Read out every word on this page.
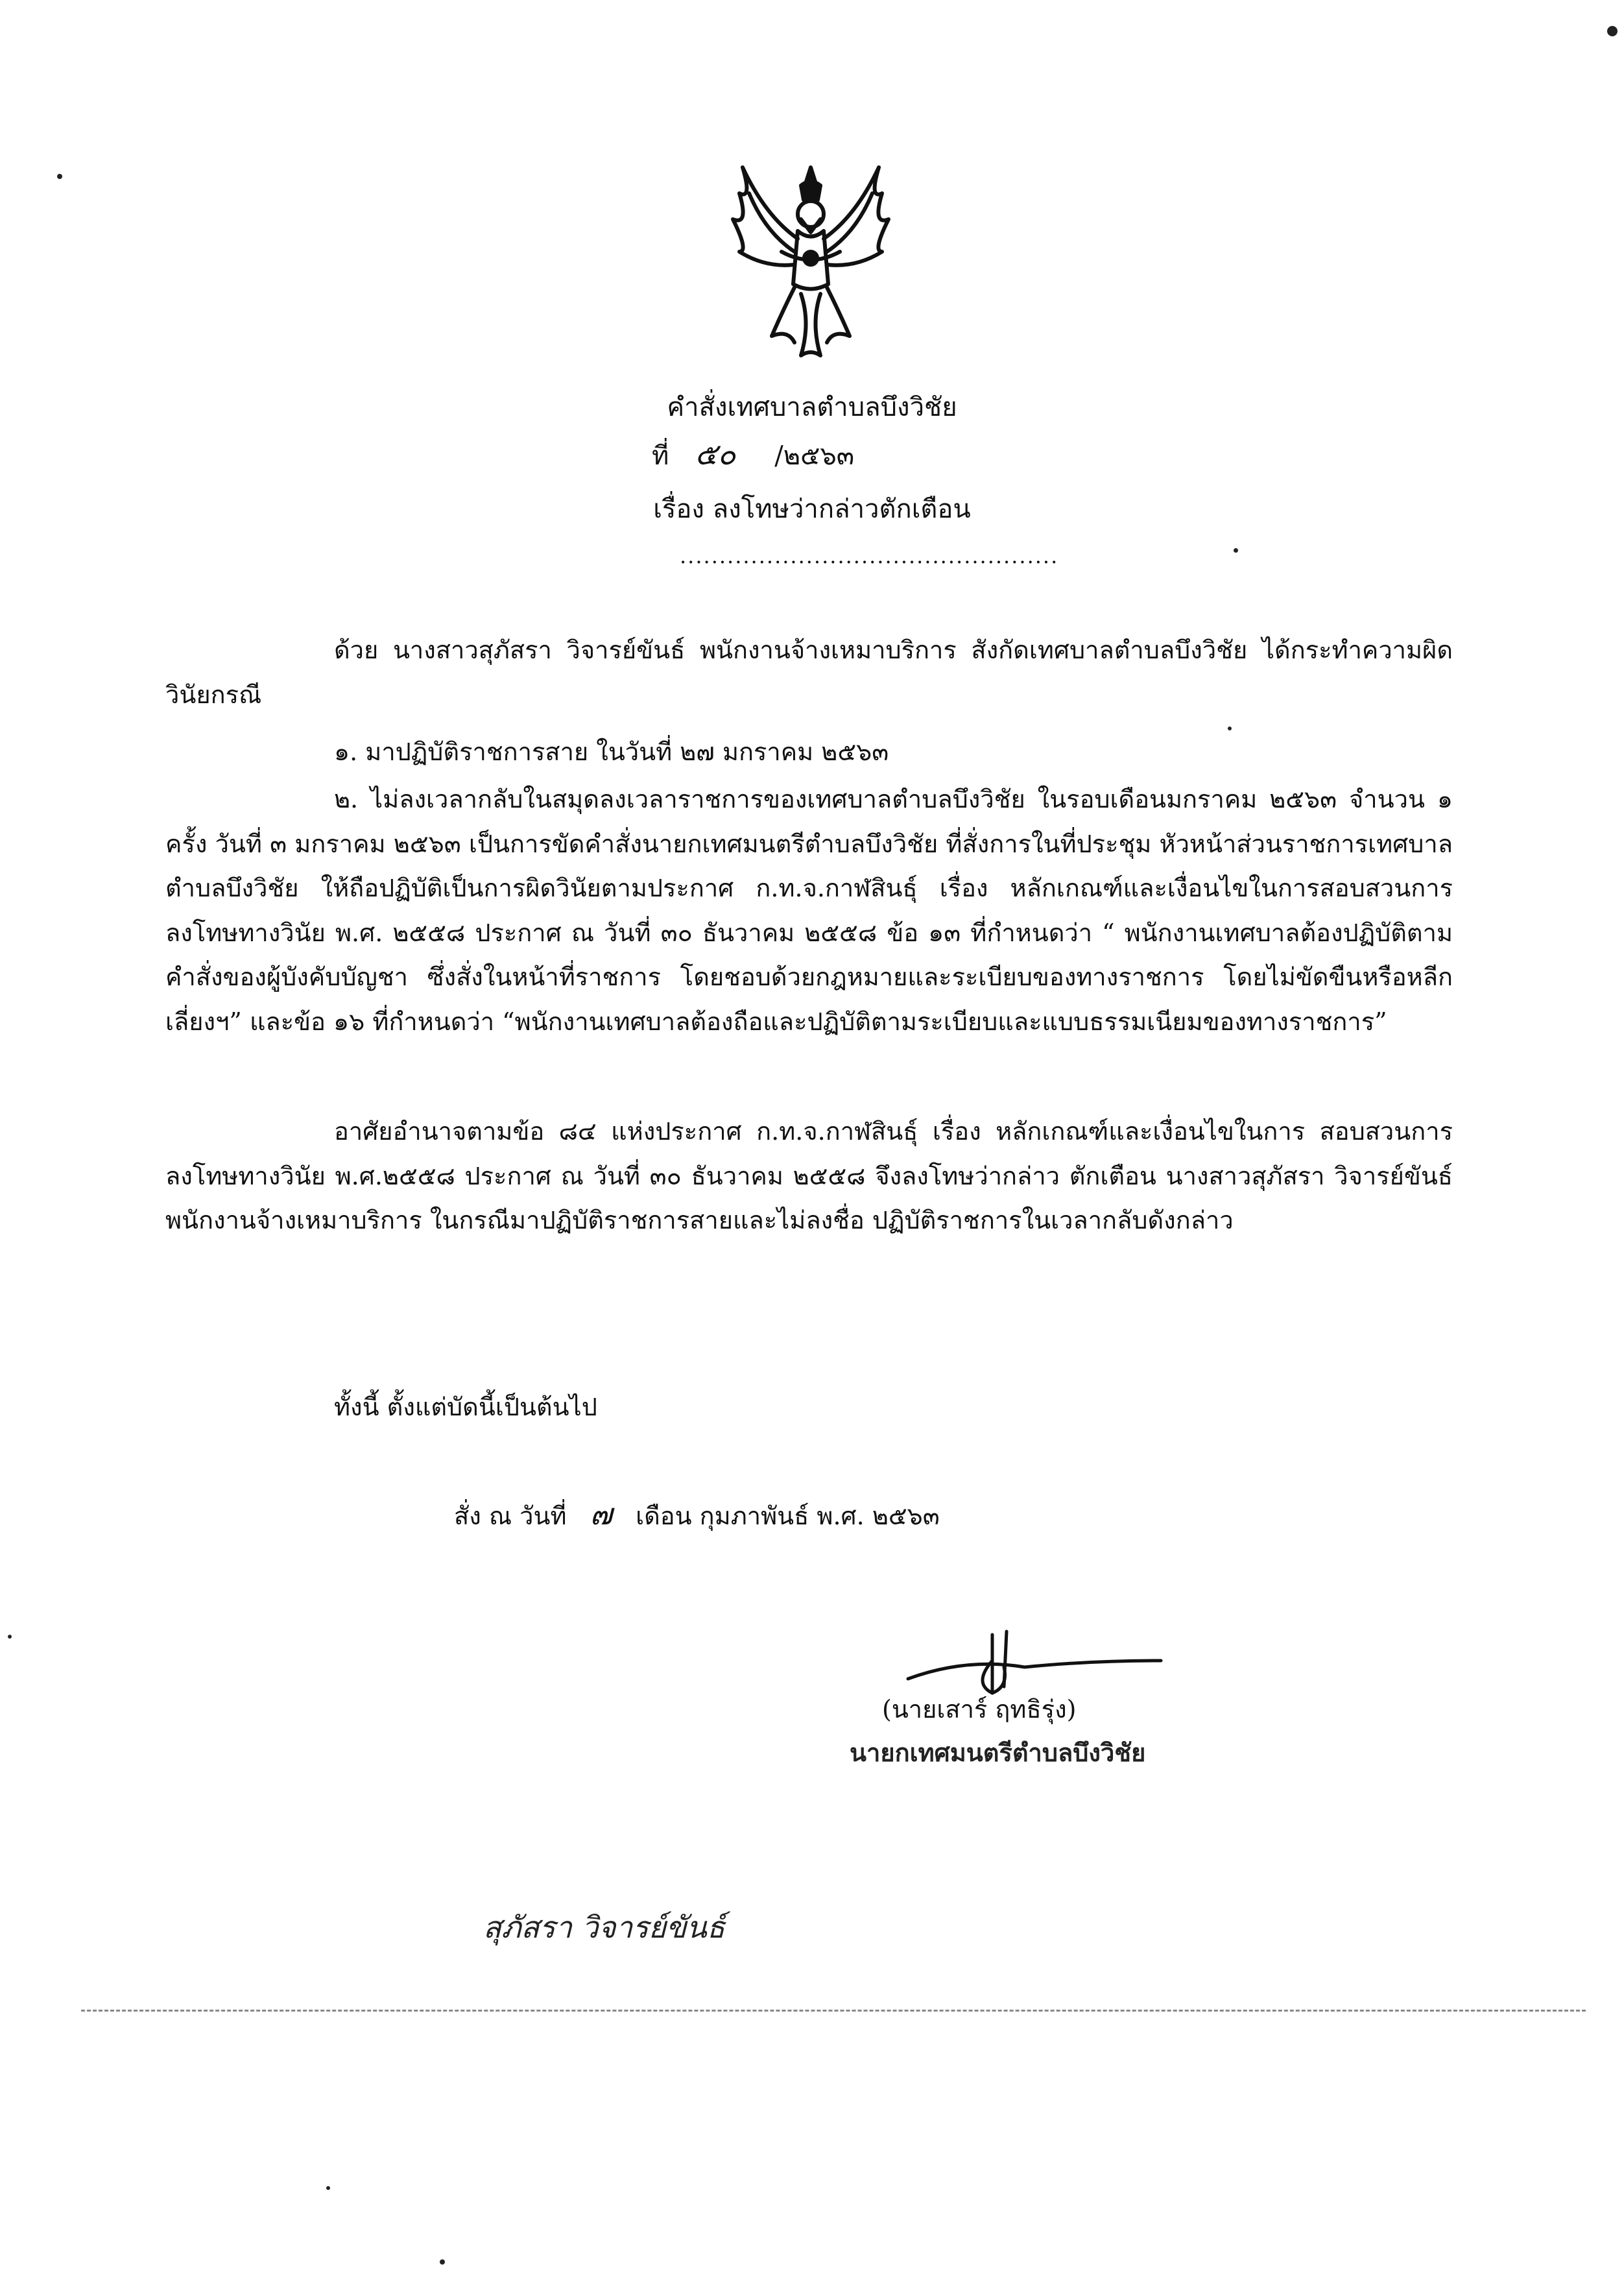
คำสั่งเทศบาลตำบลบึงวิชัย
ที่ ๕๐ /๒๕๖๓
เรื่อง ลงโทษว่ากล่าวตักเตือน
................................................
ด้วย นางสาวสุภัสรา วิจารย์ขันธ์ พนักงานจ้างเหมาบริการ สังกัดเทศบาลตำบลบึงวิชัย ได้กระทำความผิดวินัยกรณี
๑. มาปฏิบัติราชการสาย ในวันที่ ๒๗ มกราคม ๒๕๖๓
๒. ไม่ลงเวลากลับในสมุดลงเวลาราชการของเทศบาลตำบลบึงวิชัย ในรอบเดือนมกราคม ๒๕๖๓ จำนวน ๑ ครั้ง วันที่ ๓ มกราคม ๒๕๖๓ เป็นการขัดคำสั่งนายกเทศมนตรีตำบลบึงวิชัย ที่สั่งการในที่ประชุม หัวหน้าส่วนราชการเทศบาลตำบลบึงวิชัย ให้ถือปฏิบัติเป็นการผิดวินัยตามประกาศ ก.ท.จ.กาฬสินธุ์ เรื่อง หลักเกณฑ์และเงื่อนไขในการสอบสวนการลงโทษทางวินัย พ.ศ. ๒๕๕๘ ประกาศ ณ วันที่ ๓๐ ธันวาคม ๒๕๕๘ ข้อ ๑๓ ที่กำหนดว่า “ พนักงานเทศบาลต้องปฏิบัติตามคำสั่งของผู้บังคับบัญชา ซึ่งสั่งในหน้าที่ราชการ โดยชอบด้วยกฎหมายและระเบียบของทางราชการ โดยไม่ขัดขืนหรือหลีกเลี่ยงฯ” และข้อ ๑๖ ที่กำหนดว่า “พนักงานเทศบาลต้องถือและปฏิบัติตามระเบียบและแบบธรรมเนียมของทางราชการ”
อาศัยอำนาจตามข้อ ๘๔ แห่งประกาศ ก.ท.จ.กาฬสินธุ์ เรื่อง หลักเกณฑ์และเงื่อนไขในการ สอบสวนการลงโทษทางวินัย พ.ศ.๒๕๕๘ ประกาศ ณ วันที่ ๓๐ ธันวาคม ๒๕๕๘ จึงลงโทษว่ากล่าว ตักเตือน นางสาวสุภัสรา วิจารย์ขันธ์ พนักงานจ้างเหมาบริการ ในกรณีมาปฏิบัติราชการสายและไม่ลงชื่อ ปฏิบัติราชการในเวลากลับดังกล่าว
ทั้งนี้ ตั้งแต่บัดนี้เป็นต้นไป
สั่ง ณ วันที่ ๗ เดือน กุมภาพันธ์ พ.ศ. ๒๕๖๓
(นายเสาร์ ฤทธิรุ่ง)
นายกเทศมนตรีตำบลบึงวิชัย
สุภัสรา วิจารย์ขันธ์
